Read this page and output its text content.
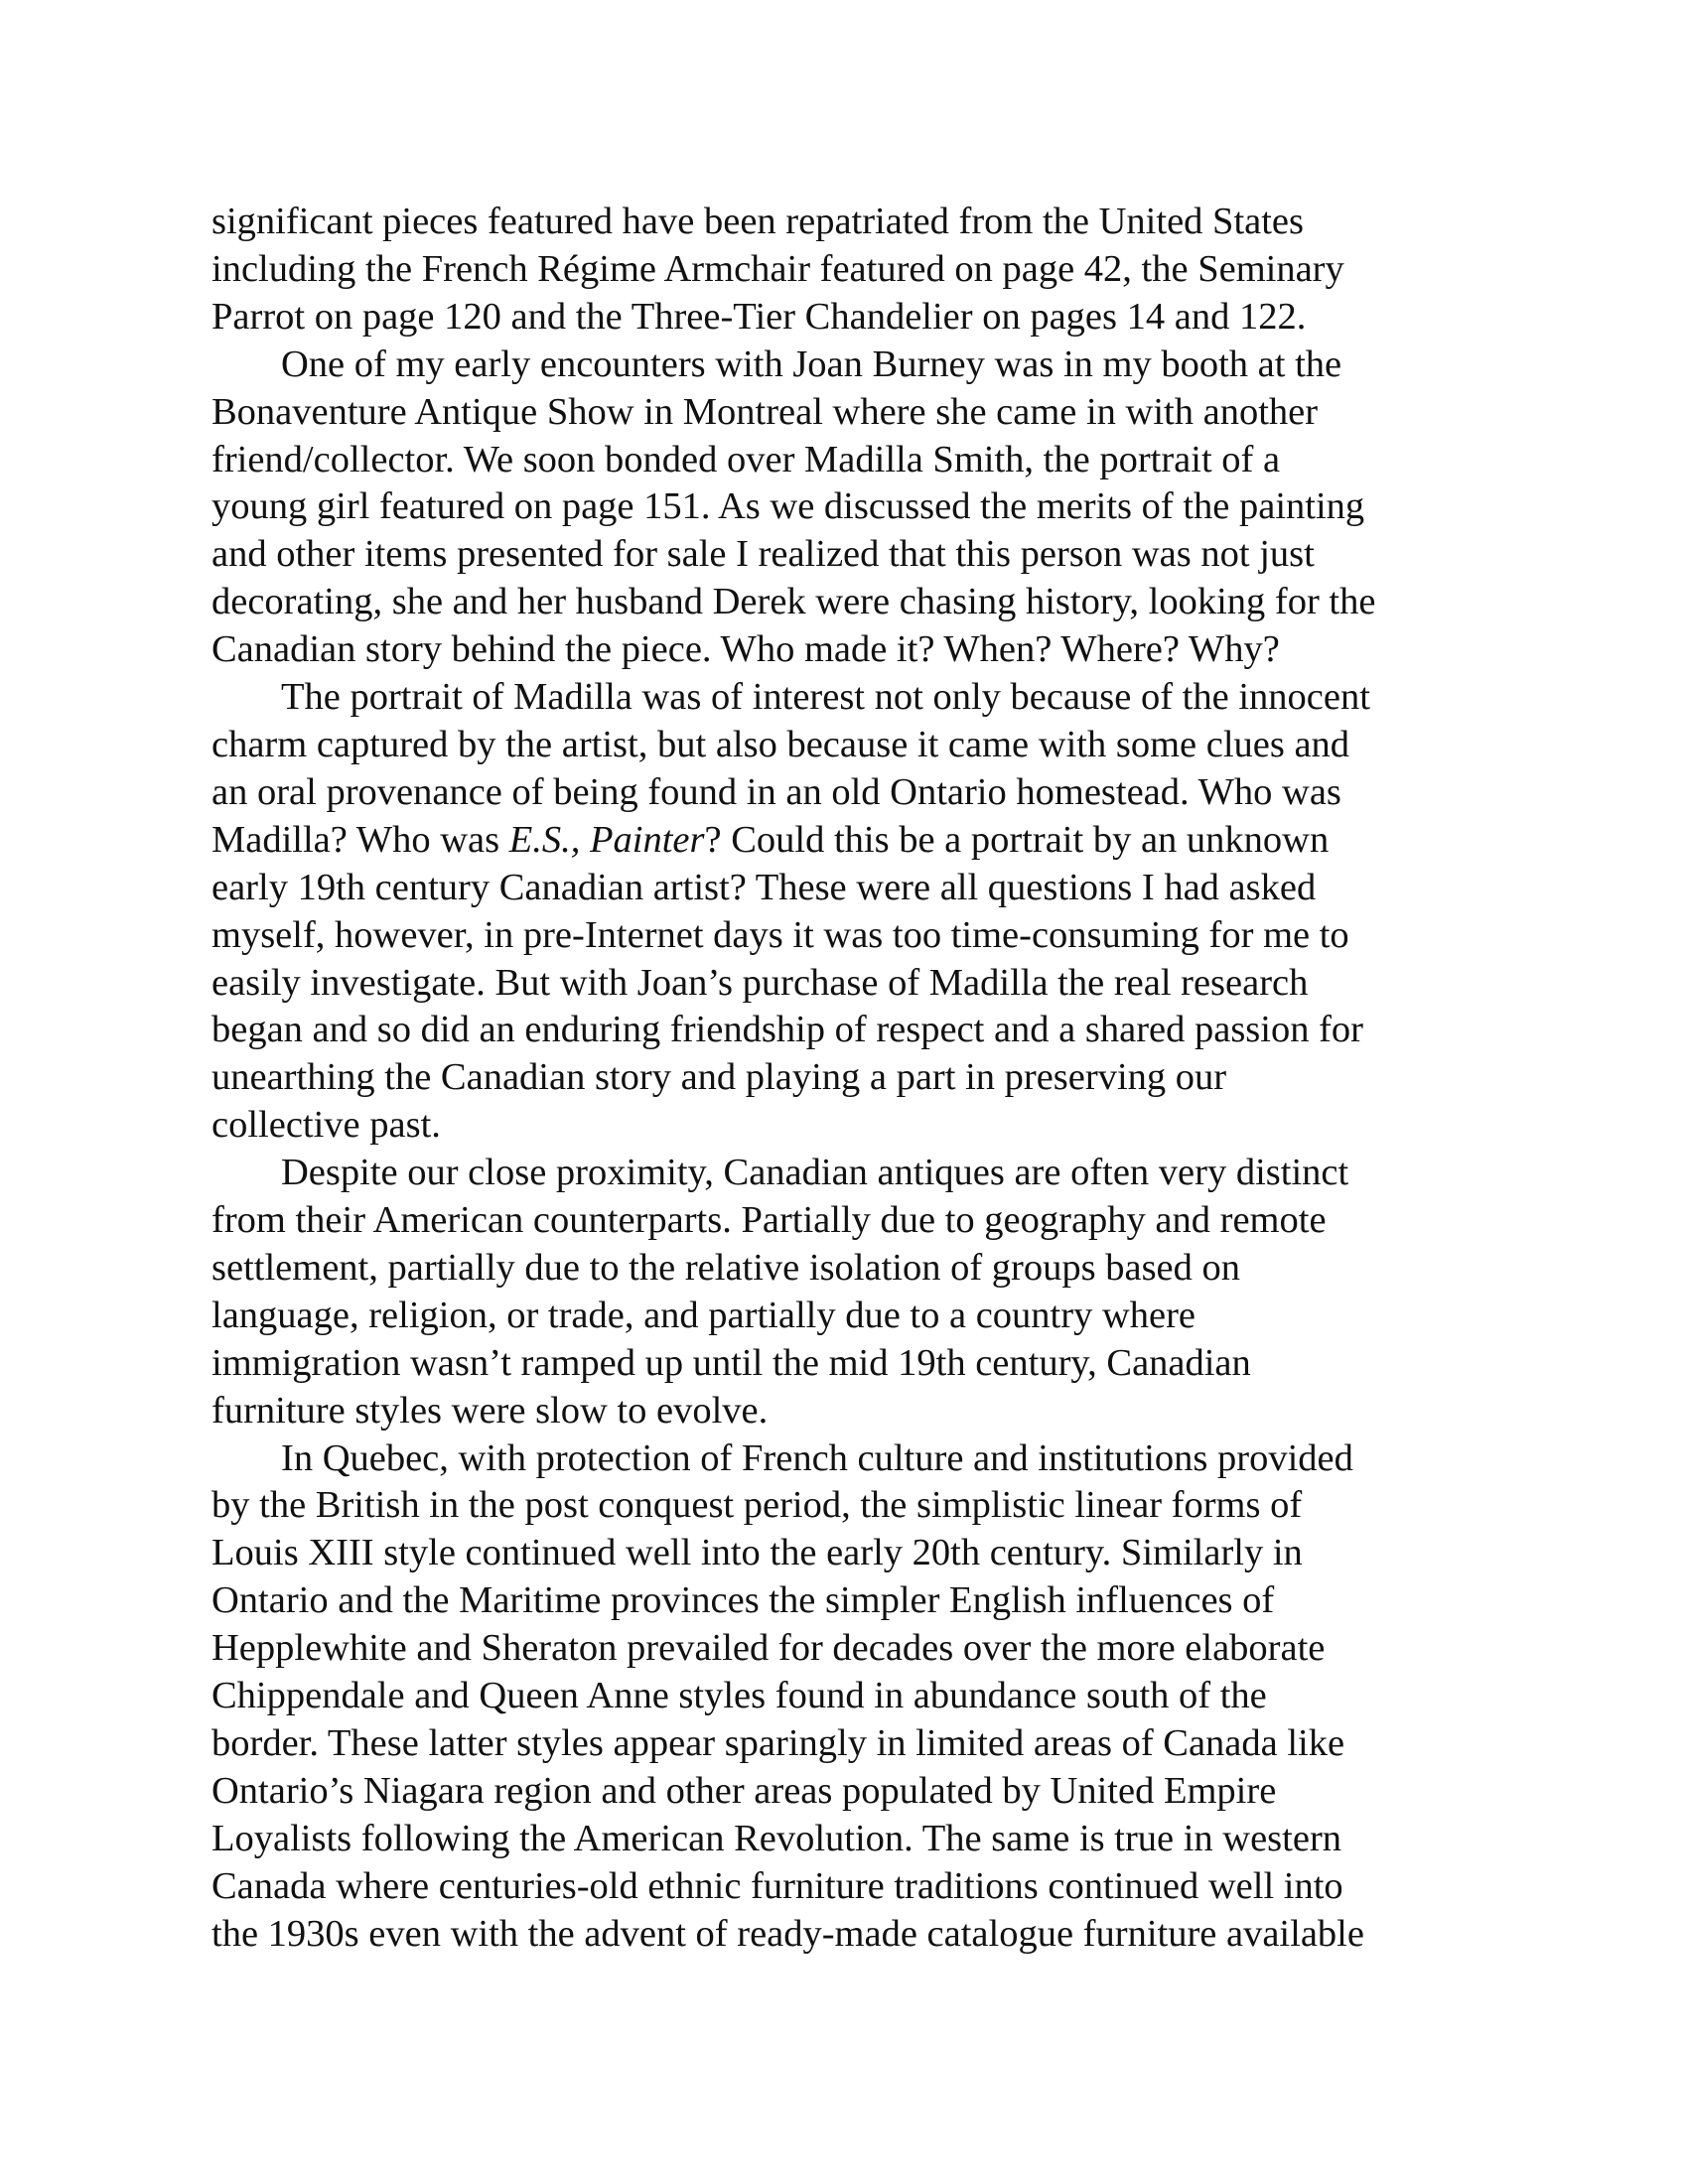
significant pieces featured have been repatriated from the United States
including the French Régime Armchair featured on page 42, the Seminary
Parrot on page 120 and the Three-Tier Chandelier on pages 14 and 122.
One of my early encounters with Joan Burney was in my booth at the
Bonaventure Antique Show in Montreal where she came in with another
friend/collector. We soon bonded over Madilla Smith, the portrait of a
young girl featured on page 151. As we discussed the merits of the painting
and other items presented for sale I realized that this person was not just
decorating, she and her husband Derek were chasing history, looking for the
Canadian story behind the piece. Who made it? When? Where? Why?
The portrait of Madilla was of interest not only because of the innocent
charm captured by the artist, but also because it came with some clues and
an oral provenance of being found in an old Ontario homestead. Who was
Madilla? Who was E.S., Painter? Could this be a portrait by an unknown
early 19th century Canadian artist? These were all questions I had asked
myself, however, in pre-Internet days it was too time-consuming for me to
easily investigate. But with Joan’s purchase of Madilla the real research
began and so did an enduring friendship of respect and a shared passion for
unearthing the Canadian story and playing a part in preserving our
collective past.
Despite our close proximity, Canadian antiques are often very distinct
from their American counterparts. Partially due to geography and remote
settlement, partially due to the relative isolation of groups based on
language, religion, or trade, and partially due to a country where
immigration wasn’t ramped up until the mid 19th century, Canadian
furniture styles were slow to evolve.
In Quebec, with protection of French culture and institutions provided
by the British in the post conquest period, the simplistic linear forms of
Louis XIII style continued well into the early 20th century. Similarly in
Ontario and the Maritime provinces the simpler English influences of
Hepplewhite and Sheraton prevailed for decades over the more elaborate
Chippendale and Queen Anne styles found in abundance south of the
border. These latter styles appear sparingly in limited areas of Canada like
Ontario’s Niagara region and other areas populated by United Empire
Loyalists following the American Revolution. The same is true in western
Canada where centuries-old ethnic furniture traditions continued well into
the 1930s even with the advent of ready-made catalogue furniture available
